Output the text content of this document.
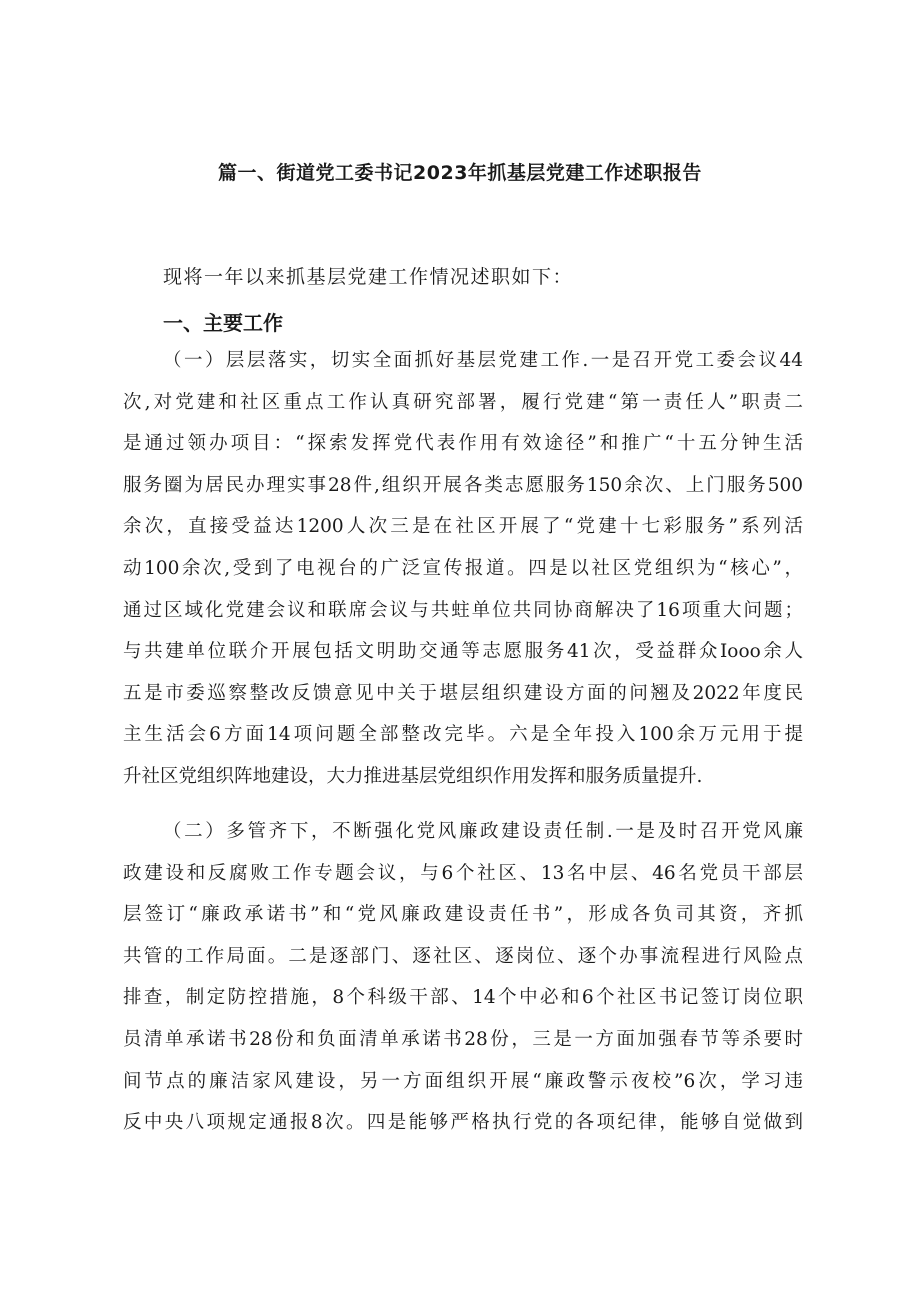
篇一、街道党工委书记2023年抓基层党建工作述职报告
现将一年以来抓基层党建工作情况述职如下：
一、主要工作
（一）层层落实，切实全面抓好基层党建工作.一是召开党工委会议44
次,对党建和社区重点工作认真研究部署，履行党建“第一责任人”职责二
是通过领办项目：“探索发挥党代表作用有效途径”和推广“十五分钟生活
服务圈为居民办理实事28件,组织开展各类志愿服务150余次、上门服务500
余次，直接受益达1200人次三是在社区开展了“党建十七彩服务”系列活
动100余次,受到了电视台的广泛宣传报道。四是以社区党组织为“核心”，
通过区域化党建会议和联席会议与共蛀单位共同协商解决了16项重大问题；
与共建单位联介开展包括文明助交通等志愿服务41次，受益群众Iooo余人
五是市委巡察整改反馈意见中关于堪层组织建设方面的问翘及2022年度民
主生活会6方面14项问题全部整改完毕。六是全年投入100余万元用于提
升社区党组织阵地建设，大力推进基层党组织作用发挥和服务质量提升.
（二）多管齐下，不断强化党风廉政建设责任制.一是及时召开党风廉
政建设和反腐败工作专题会议，与6个社区、13名中层、46名党员干部层
层签订“廉政承诺书”和“党风廉政建设责任书”，形成各负司其资，齐抓
共管的工作局面。二是逐部门、逐社区、逐岗位、逐个办事流程进行风险点
排查，制定防控措施，8个科级干部、14个中必和6个社区书记签订岗位职
员清单承诺书28份和负面清单承诺书28份，三是一方面加强春节等杀要时
间节点的廉洁家风建设，另一方面组织开展“廉政警示夜校”6次，学习违
反中央八项规定通报8次。四是能够严格执行党的各项纪律，能够自觉做到
